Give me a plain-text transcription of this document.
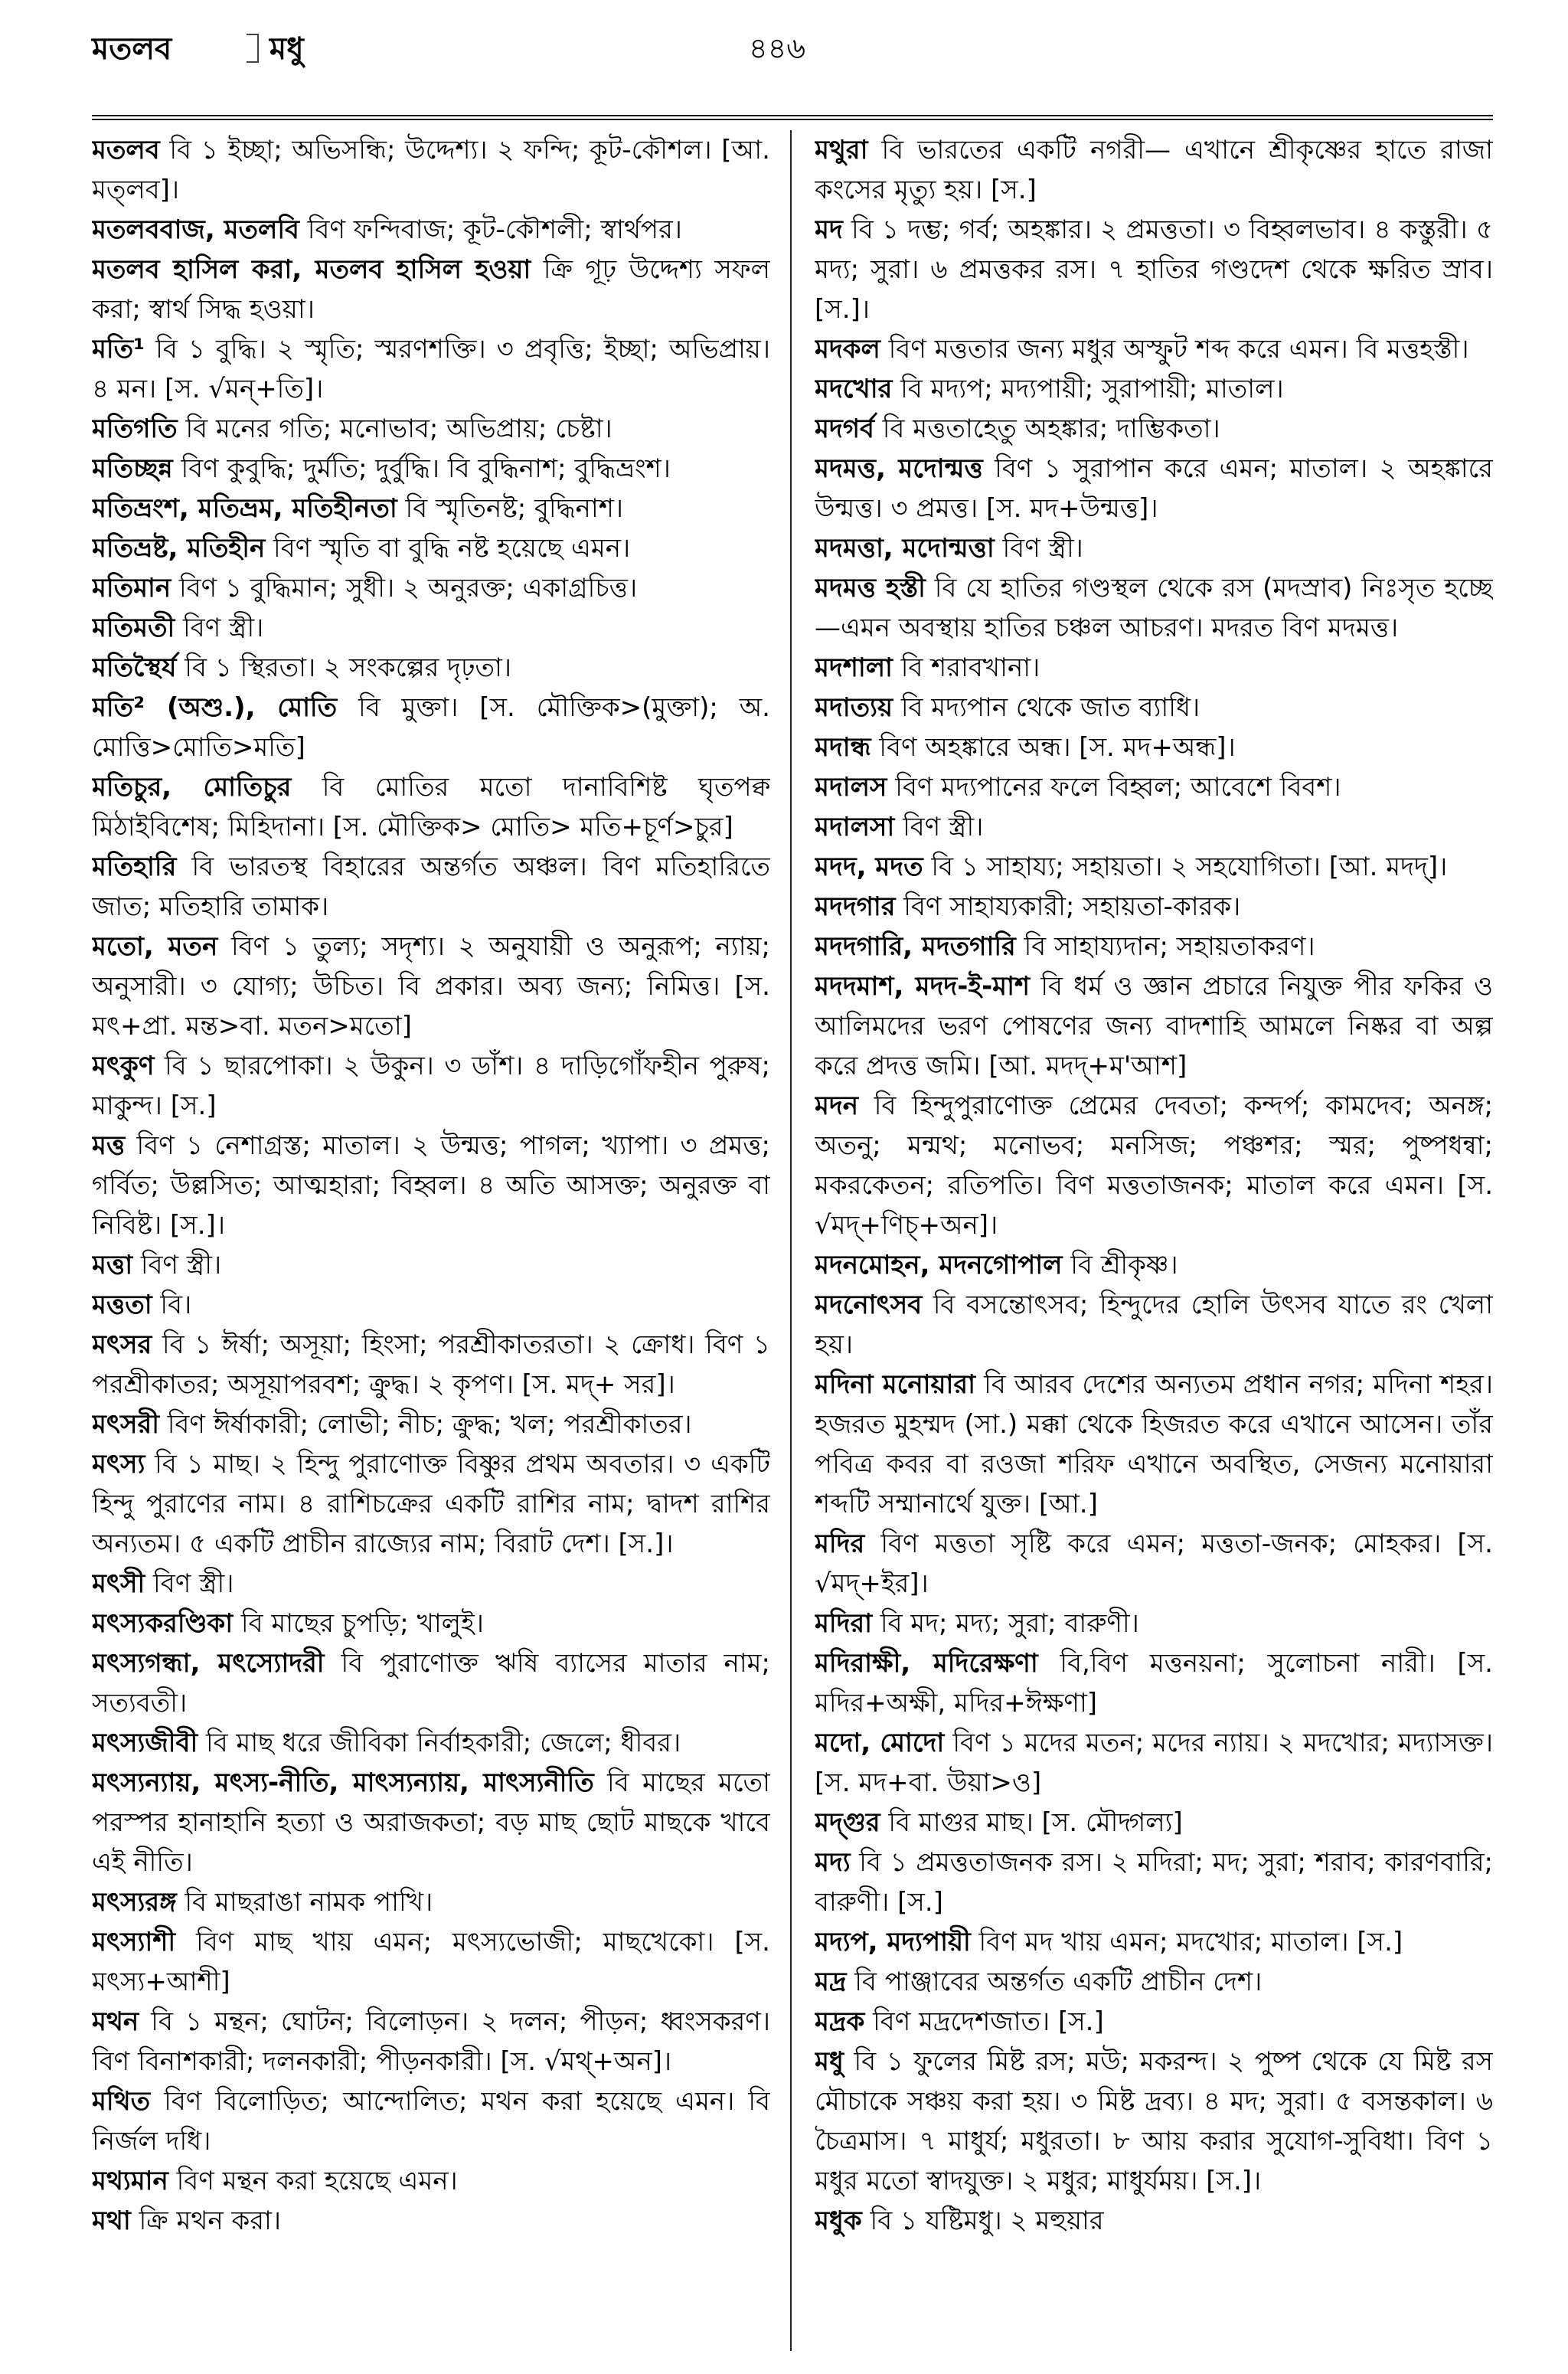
মতলব	মধু	৪৪৬

মতলব বি ১ ইচ্ছা; অভিসন্ধি; উদ্দেশ্য। ২ ফন্দি; কূট-কৌশল। [আ. মত্‌লব]।

মতলববাজ, মতলবি বিণ ফন্দিবাজ; কূট-কৌশলী; স্বার্থপর।

মতলব হাসিল করা, মতলব হাসিল হওয়া ক্রি গূঢ় উদ্দেশ্য সফল করা; স্বার্থ সিদ্ধ হওয়া।

মতি¹ বি ১ বুদ্ধি। ২ স্মৃতি; স্মরণশক্তি। ৩ প্রবৃত্তি; ইচ্ছা; অভিপ্রায়। ৪ মন। [স. √মন্‌+তি]।

মতিগতি বি মনের গতি; মনোভাব; অভিপ্রায়; চেষ্টা।

মতিচ্ছন্ন বিণ কুবুদ্ধি; দুর্মতি; দুর্বুদ্ধি। বি বুদ্ধিনাশ; বুদ্ধিভ্রংশ।

মতিভ্রংশ, মতিভ্রম, মতিহীনতা বি স্মৃতিনষ্ট; বুদ্ধিনাশ।

মতিভ্রষ্ট, মতিহীন বিণ স্মৃতি বা বুদ্ধি নষ্ট হয়েছে এমন।

মতিমান বিণ ১ বুদ্ধিমান; সুধী। ২ অনুরক্ত; একাগ্রচিত্ত।

মতিমতী বিণ স্ত্রী।

মতিস্থৈর্য বি ১ স্থিরতা। ২ সংকল্পের দৃঢ়তা।

মতি² (অশু.), মোতি বি মুক্তা। [স. মৌক্তিক>(মুক্তা); অ. মোত্তি>মোতি>মতি]

মতিচুর, মোতিচুর বি মোতির মতো দানাবিশিষ্ট ঘৃতপক্ব মিঠাইবিশেষ; মিহিদানা। [স. মৌক্তিক> মোতি> মতি+চূর্ণ>চুর]

মতিহারি বি ভারতস্থ বিহারের অন্তর্গত অঞ্চল। বিণ মতিহারিতে জাত; মতিহারি তামাক।

মতো, মতন বিণ ১ তুল্য; সদৃশ্য। ২ অনুযায়ী ও অনুরূপ; ন্যায়; অনুসারী। ৩ যোগ্য; উচিত। বি প্রকার। অব্য জন্য; নিমিত্ত। [স. মৎ+প্রা. মন্ত>বা. মতন>মতো]

মৎকুণ বি ১ ছারপোকা। ২ উকুন। ৩ ডাঁশ। ৪ দাড়িগোঁফহীন পুরুষ; মাকুন্দ। [স.]

মত্ত বিণ ১ নেশাগ্রস্ত; মাতাল। ২ উন্মত্ত; পাগল; খ্যাপা। ৩ প্রমত্ত; গর্বিত; উল্লসিত; আত্মহারা; বিহ্বল। ৪ অতি আসক্ত; অনুরক্ত বা নিবিষ্ট। [স.]।

মত্তা বিণ স্ত্রী।

মত্ততা বি।

মৎসর বি ১ ঈর্ষা; অসূয়া; হিংসা; পরশ্রীকাতরতা। ২ ক্রোধ। বিণ ১ পরশ্রীকাতর; অসূয়াপরবশ; ক্রুদ্ধ। ২ কৃপণ। [স. মদ্‌+ সর]।

মৎসরী বিণ ঈর্ষাকারী; লোভী; নীচ; ক্রুদ্ধ; খল; পরশ্রীকাতর।

মৎস্য বি ১ মাছ। ২ হিন্দু পুরাণোক্ত বিষ্ণুর প্রথম অবতার। ৩ একটি হিন্দু পুরাণের নাম। ৪ রাশিচক্রের একটি রাশির নাম; দ্বাদশ রাশির অন্যতম। ৫ একটি প্রাচীন রাজ্যের নাম; বিরাট দেশ। [স.]।

মৎসী বিণ স্ত্রী।

মৎস্যকরণ্ডিকা বি মাছের চুপড়ি; খালুই।

মৎস্যগন্ধা, মৎস্যোদরী বি পুরাণোক্ত ঋষি ব্যাসের মাতার নাম; সত্যবতী।

মৎস্যজীবী বি মাছ ধরে জীবিকা নির্বাহকারী; জেলে; ধীবর।

মৎস্যন্যায়, মৎস্য-নীতি, মাৎস্যন্যায়, মাৎস্যনীতি বি মাছের মতো পরস্পর হানাহানি হত্যা ও অরাজকতা; বড় মাছ ছোট মাছকে খাবে এই নীতি।

মৎস্যরঙ্গ বি মাছরাঙা নামক পাখি।

মৎস্যাশী বিণ মাছ খায় এমন; মৎস্যভোজী; মাছখেকো। [স. মৎস্য+আশী]

মথন বি ১ মন্থন; ঘোটন; বিলোড়ন। ২ দলন; পীড়ন; ধ্বংসকরণ। বিণ বিনাশকারী; দলনকারী; পীড়নকারী। [স. √মথ্‌+অন]।

মথিত বিণ বিলোড়িত; আন্দোলিত; মথন করা হয়েছে এমন। বি নির্জল দধি।

মথ্যমান বিণ মন্থন করা হয়েছে এমন।

মথা ক্রি মথন করা।

মথুরা বি ভারতের একটি নগরী— এখানে শ্রীকৃষ্ণের হাতে রাজা কংসের মৃত্যু হয়। [স.]

মদ বি ১ দম্ভ; গর্ব; অহঙ্কার। ২ প্রমত্ততা। ৩ বিহ্বলভাব। ৪ কস্তুরী। ৫ মদ্য; সুরা। ৬ প্রমত্তকর রস। ৭ হাতির গণ্ডদেশ থেকে ক্ষরিত স্রাব। [স.]।

মদকল বিণ মত্ততার জন্য মধুর অস্ফুট শব্দ করে এমন। বি মত্তহস্তী।

মদখোর বি মদ্যপ; মদ্যপায়ী; সুরাপায়ী; মাতাল।

মদগর্ব বি মত্ততাহেতু অহঙ্কার; দাম্ভিকতা।

মদমত্ত, মদোন্মত্ত বিণ ১ সুরাপান করে এমন; মাতাল। ২ অহঙ্কারে উন্মত্ত। ৩ প্রমত্ত। [স. মদ+উন্মত্ত]।

মদমত্তা, মদোন্মত্তা বিণ স্ত্রী।

মদমত্ত হস্তী বি যে হাতির গণ্ডস্থল থেকে রস (মদস্রাব) নিঃসৃত হচ্ছে—এমন অবস্থায় হাতির চঞ্চল আচরণ। মদরত বিণ মদমত্ত।

মদশালা বি শরাবখানা।

মদাত্যয় বি মদ্যপান থেকে জাত ব্যাধি।

মদান্ধ বিণ অহঙ্কারে অন্ধ। [স. মদ+অন্ধ]।

মদালস বিণ মদ্যপানের ফলে বিহ্বল; আবেশে বিবশ।

মদালসা বিণ স্ত্রী।

মদদ, মদত বি ১ সাহায্য; সহায়তা। ২ সহযোগিতা। [আ. মদদ্‌]।

মদদগার বিণ সাহায্যকারী; সহায়তা-কারক।

মদদগারি, মদতগারি বি সাহায্যদান; সহায়তাকরণ।

মদদমাশ, মদদ-ই-মাশ বি ধর্ম ও জ্ঞান প্রচারে নিযুক্ত পীর ফকির ও আলিমদের ভরণ পোষণের জন্য বাদশাহি আমলে নিষ্কর বা অল্প করে প্রদত্ত জমি। [আ. মদদ্‌+ম'আশ]

মদন বি হিন্দুপুরাণোক্ত প্রেমের দেবতা; কন্দর্প; কামদেব; অনঙ্গ; অতনু; মন্মথ; মনোভব; মনসিজ; পঞ্চশর; স্মর; পুষ্পধন্বা; মকরকেতন; রতিপতি। বিণ মত্ততাজনক; মাতাল করে এমন। [স. √মদ্‌+ণিচ্‌+অন]।

মদনমোহন, মদনগোপাল বি শ্রীকৃষ্ণ।

মদনোৎসব বি বসন্তোৎসব; হিন্দুদের হোলি উৎসব যাতে রং খেলা হয়।

মদিনা মনোয়ারা বি আরব দেশের অন্যতম প্রধান নগর; মদিনা শহর। হজরত মুহম্মদ (সা.) মক্কা থেকে হিজরত করে এখানে আসেন। তাঁর পবিত্র কবর বা রওজা শরিফ এখানে অবস্থিত, সেজন্য মনোয়ারা শব্দটি সম্মানার্থে যুক্ত। [আ.]

মদির বিণ মত্ততা সৃষ্টি করে এমন; মত্ততা-জনক; মোহকর। [স. √মদ্‌+ইর]।

মদিরা বি মদ; মদ্য; সুরা; বারুণী।

মদিরাক্ষী, মদিরেক্ষণা বি,বিণ মত্তনয়না; সুলোচনা নারী। [স. মদির+অক্ষী, মদির+ঈক্ষণা]

মদো, মোদো বিণ ১ মদের মতন; মদের ন্যায়। ২ মদখোর; মদ্যাসক্ত। [স. মদ+বা. উয়া>ও]

মদ্গুর বি মাগুর মাছ। [স. মৌদ্গল্য]

মদ্য বি ১ প্রমত্ততাজনক রস। ২ মদিরা; মদ; সুরা; শরাব; কারণবারি; বারুণী। [স.]

মদ্যপ, মদ্যপায়ী বিণ মদ খায় এমন; মদখোর; মাতাল। [স.]

মদ্র বি পাঞ্জাবের অন্তর্গত একটি প্রাচীন দেশ।

মদ্রক বিণ মদ্রদেশজাত। [স.]

মধু বি ১ ফুলের মিষ্ট রস; মউ; মকরন্দ। ২ পুষ্প থেকে যে মিষ্ট রস মৌচাকে সঞ্চয় করা হয়। ৩ মিষ্ট দ্রব্য। ৪ মদ; সুরা। ৫ বসন্তকাল। ৬ চৈত্রমাস। ৭ মাধুর্য; মধুরতা। ৮ আয় করার সুযোগ-সুবিধা। বিণ ১ মধুর মতো স্বাদযুক্ত। ২ মধুর; মাধুর্যময়। [স.]।

মধুক বি ১ যষ্টিমধু। ২ মহুয়ার
